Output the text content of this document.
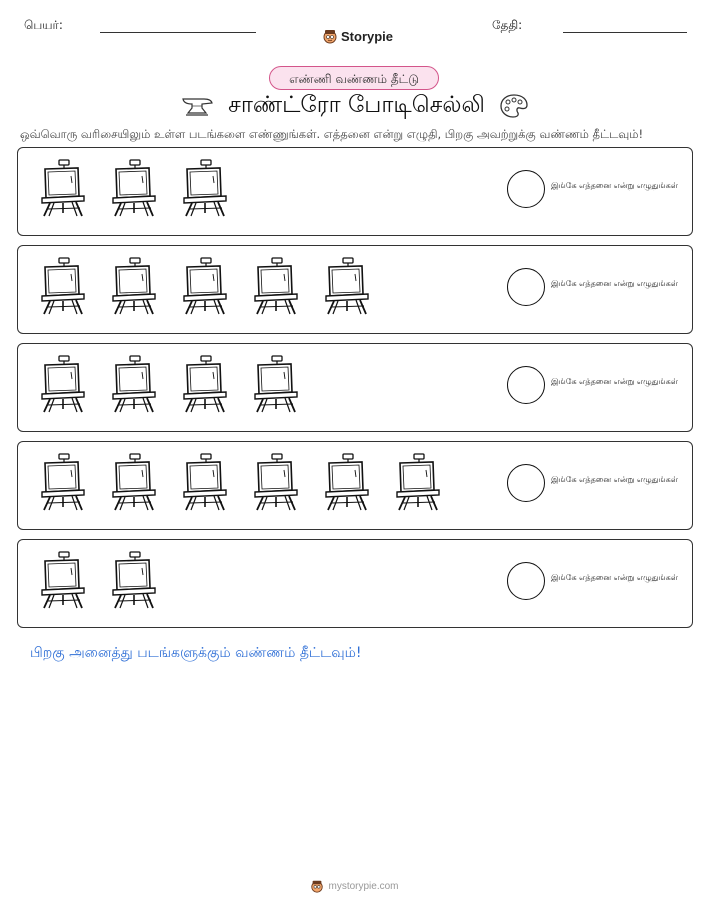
பெயர்:
Storypie
தேதி:
எண்ணி வண்ணம் தீட்டு
சாண்ட்ரோ போடிசெல்லி
ஒவ்வொரு வரிசையிலும் உள்ள படங்களை எண்ணுங்கள். எத்தனை என்று எழுதி, பிறகு அவற்றுக்கு வண்ணம் தீட்டவும்!
இங்கே எத்தனை என்று எழுதுங்கள்
இங்கே எத்தனை என்று எழுதுங்கள்
இங்கே எத்தனை என்று எழுதுங்கள்
இங்கே எத்தனை என்று எழுதுங்கள்
இங்கே எத்தனை என்று எழுதுங்கள்
பிறகு அனைத்து படங்களுக்கும் வண்ணம் தீட்டவும்!
mystorypie.com
